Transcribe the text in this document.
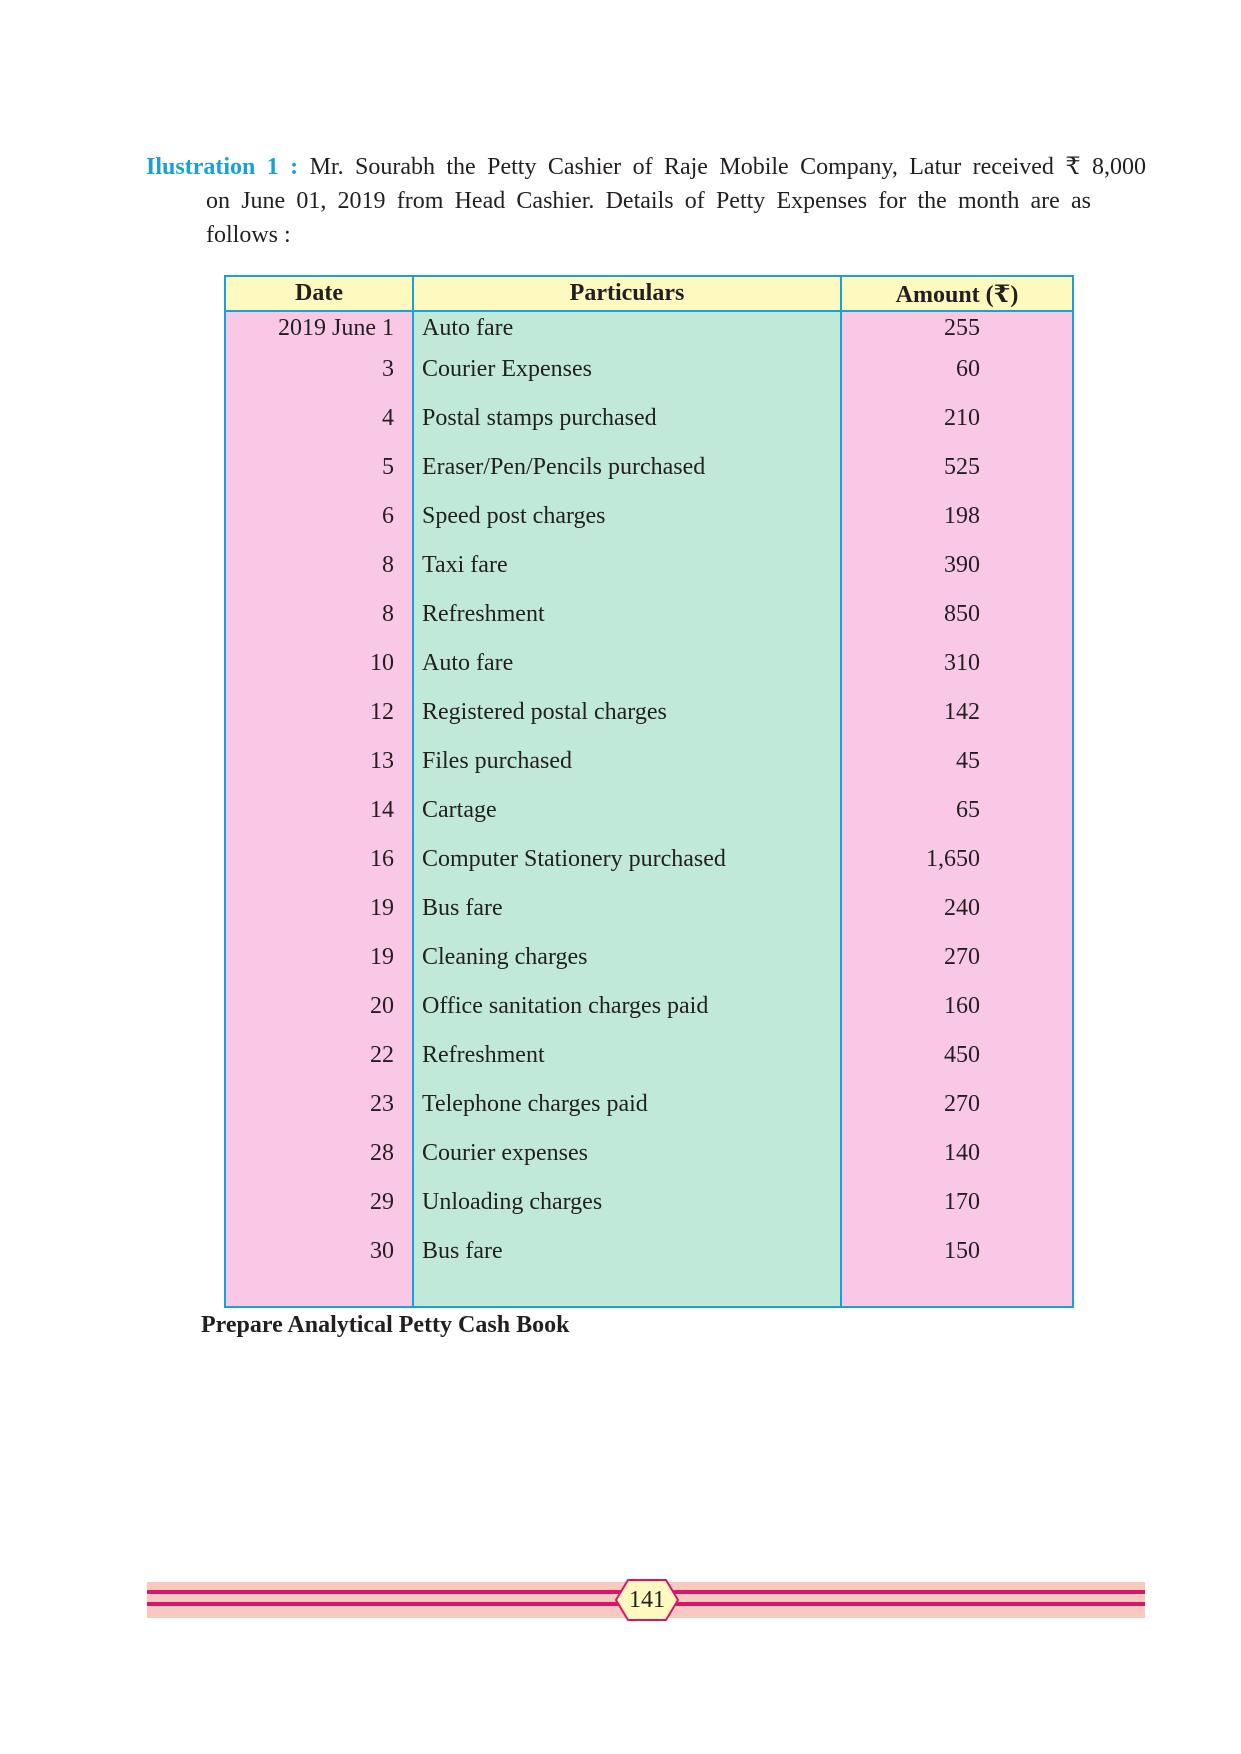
Ilustration 1 : Mr. Sourabh the Petty Cashier of Raje Mobile Company, Latur received ₹ 8,000
on June 01, 2019 from Head Cashier. Details of Petty Expenses for the month are as
follows :
Date	Particulars	Amount (₹)
2019 June 1	Auto fare	255
3	Courier Expenses	60
4	Postal stamps purchased	210
5	Eraser/Pen/Pencils purchased	525
6	Speed post charges	198
8	Taxi fare	390
8	Refreshment	850
10	Auto fare	310
12	Registered postal charges	142
13	Files purchased	45
14	Cartage	65
16	Computer Stationery purchased	1,650
19	Bus fare	240
19	Cleaning charges	270
20	Office sanitation charges paid	160
22	Refreshment	450
23	Telephone charges paid	270
28	Courier expenses	140
29	Unloading charges	170
30	Bus fare	150

Prepare Analytical Petty Cash Book
141
